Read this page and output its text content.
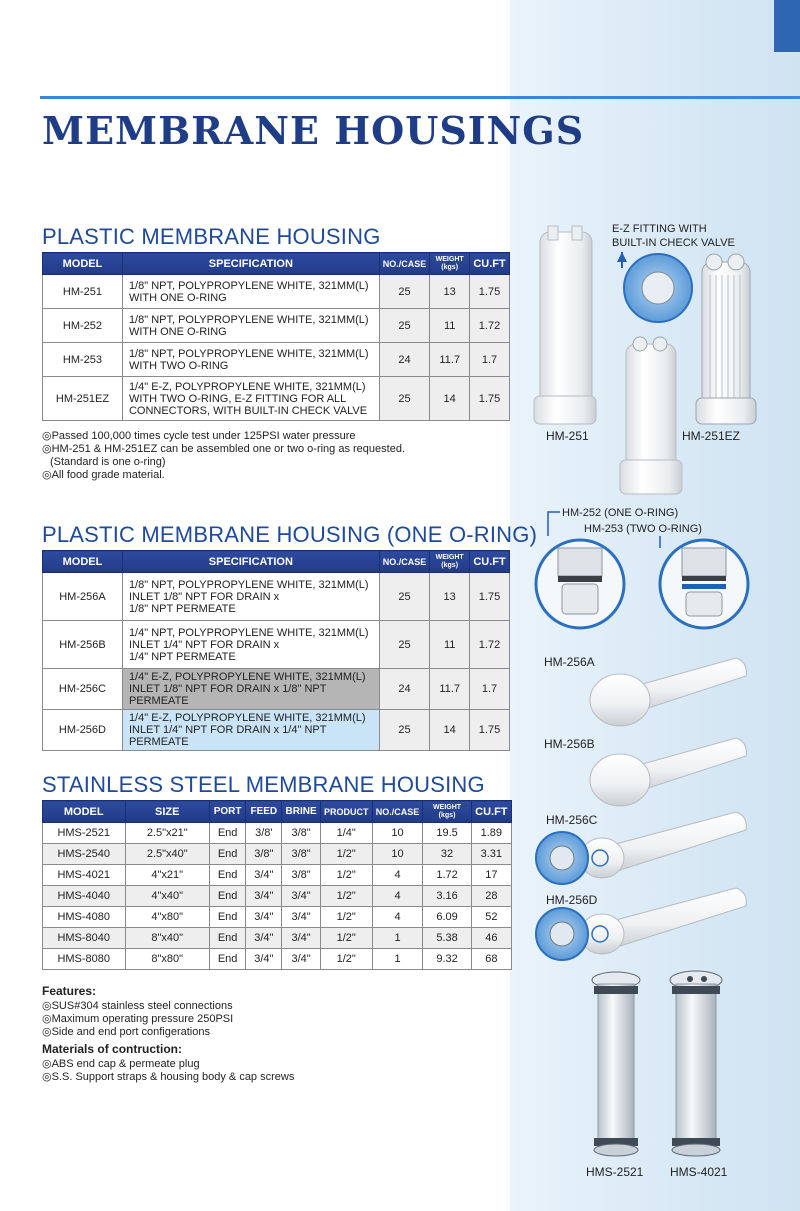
MEMBRANE HOUSINGS
PLASTIC MEMBRANE HOUSING
MODEL	SPECIFICATION	NO./CASE	WEIGHT
(kgs)	CU.FT
HM-251	1/8" NPT, POLYPROPYLENE WHITE, 321MM(L)
WITH ONE O-RING	25	13	1.75
HM-252	1/8" NPT, POLYPROPYLENE WHITE, 321MM(L)
WITH ONE O-RING	25	11	1.72
HM-253	1/8" NPT, POLYPROPYLENE WHITE, 321MM(L)
WITH TWO O-RING	24	11.7	1.7
HM-251EZ	1/4" E-Z, POLYPROPYLENE WHITE, 321MM(L)
WITH TWO O-RING, E-Z FITTING FOR ALL
CONNECTORS, WITH BUILT-IN CHECK VALVE	25	14	1.75
◎Passed 100,000 times cycle test under 125PSI water pressure
◎HM-251 & HM-251EZ can be assembled one or two o-ring as requested.
(Standard is one o-ring)
◎All food grade material.
PLASTIC MEMBRANE HOUSING (ONE O-RING)
MODEL	SPECIFICATION	NO./CASE	WEIGHT
(kgs)	CU.FT
HM-256A	1/8" NPT, POLYPROPYLENE WHITE, 321MM(L)
INLET 1/8" NPT FOR DRAIN x
1/8" NPT PERMEATE	25	13	1.75
HM-256B	1/4" NPT, POLYPROPYLENE WHITE, 321MM(L)
INLET 1/4" NPT FOR DRAIN x
1/4" NPT PERMEATE	25	11	1.72
HM-256C	1/4" E-Z, POLYPROPYLENE WHITE, 321MM(L)
INLET 1/8" NPT FOR DRAIN x 1/8" NPT PERMEATE	24	11.7	1.7
HM-256D	1/4" E-Z, POLYPROPYLENE WHITE, 321MM(L)
INLET 1/4" NPT FOR DRAIN x 1/4" NPT PERMEATE	25	14	1.75
STAINLESS STEEL MEMBRANE HOUSING
MODEL	SIZE	PORT	FEED	BRINE	PRODUCT	NO./CASE	WEIGHT
(kgs)	CU.FT
HMS-2521	2.5"x21"	End	3/8'	3/8"	1/4"	10	19.5	1.89
HMS-2540	2.5"x40"	End	3/8"	3/8"	1/2"	10	32	3.31
HMS-4021	4"x21"	End	3/4"	3/8"	1/2"	4	1.72	17
HMS-4040	4"x40"	End	3/4"	3/4"	1/2"	4	3.16	28
HMS-4080	4"x80"	End	3/4"	3/4"	1/2"	4	6.09	52
HMS-8040	8"x40"	End	3/4"	3/4"	1/2"	1	5.38	46
HMS-8080	8"x80"	End	3/4"	3/4"	1/2"	1	9.32	68
Features:
◎SUS#304 stainless steel connections
◎Maximum operating pressure 250PSI
◎Side and end port configerations
Materials of contruction:
◎ABS end cap & permeate plug
◎S.S. Support straps & housing body & cap screws
HM-251
E-Z FITTING WITH
BUILT-IN CHECK VALVE
HM-251EZ
HM-252 (ONE O-RING)
HM-253 (TWO O-RING)
HM-256A
HM-256B
HM-256C
HM-256D
HMS-2521 HMS-4021
